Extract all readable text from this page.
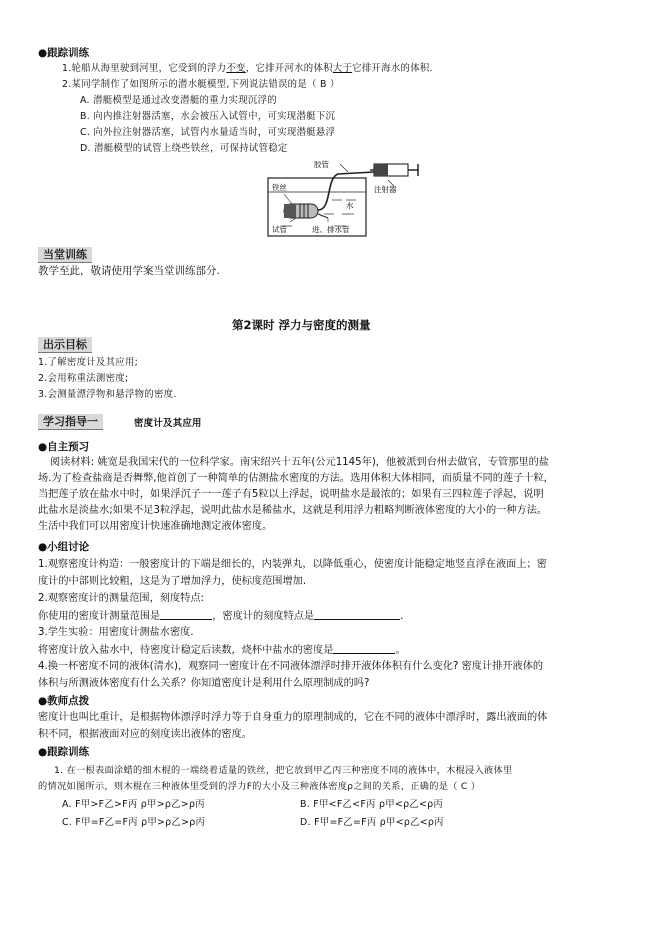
●跟踪训练
1.轮船从海里驶到河里，它受到的浮力不变，它排开河水的体积大于它排开海水的体积.
2.某同学制作了如图所示的潜水艇模型,下列说法错误的是（ B ）
A. 潜艇模型是通过改变潜艇的重力实现沉浮的
B. 向内推注射器活塞，水会被压入试管中，可实现潜艇下沉
C. 向外拉注射器活塞，试管内水量适当时，可实现潜艇悬浮
D. 潜艇模型的试管上绕些铁丝，可保持试管稳定
胶管
注射器
铁丝
水
试管	进、排水管
当堂训练
教学至此，敬请使用学案当堂训练部分.
第2课时 浮力与密度的测量
出示目标
1.了解密度计及其应用;
2.会用称重法测密度;
3.会测量漂浮物和悬浮物的密度.
学习指导一	密度计及其应用
●自主预习
阅读材料: 姚宽是我国宋代的一位科学家。南宋绍兴十五年(公元1145年)，他被派到台州去做官，专管那里的盐
场.为了检查盐商是否舞弊,他首创了一种简单的估测盐水密度的方法。选用体积大体相同，而质量不同的莲子十粒，
当把莲子放在盐水中时，如果浮沉子一一莲子有5粒以上浮起，说明盐水是最浓的；如果有三四粒莲子浮起，说明
此盐水是淡盐水;如果不足3粒浮起，说明此盐水是稀盐水，这就是利用浮力粗略判断液体密度的大小的一种方法。
生活中我们可以用密度计快速准确地测定液体密度。
●小组讨论
1.观察密度计构造：一般密度计的下端是细长的，内装弹丸，以降低重心，使密度计能稳定地竖直浮在液面上；密
度计的中部则比较粗，这是为了增加浮力，使标度范围增加.
2.观察密度计的测量范围，刻度特点:
你使用的密度计测量范围是	，密度计的刻度特点是	.
3.学生实验：用密度计测盐水密度.
将密度计放入盐水中，待密度计稳定后读数，烧杯中盐水的密度是	。
4.换一杯密度不同的液体(清水)，观察同一密度计在不同液体漂浮时排开液体体积有什么变化? 密度计排开液体的
体积与所测液体密度有什么关系？你知道密度计是利用什么原理制成的吗?
●教师点拨
密度计也叫比重计，是根据物体漂浮时浮力等于自身重力的原理制成的，它在不同的液体中漂浮时，露出液面的体
积不同，根据液面对应的刻度读出液体的密度。
●跟踪训练
1. 在一根表面涂蜡的细木棍的一端绕着适量的铁丝，把它放到甲乙丙三种密度不同的液体中，木棍浸入液体里
的情况如图所示，则木棍在三种液体里受到的浮力F的大小及三种液体密度ρ之间的关系，正确的是（ C ）
A. F甲>F乙>F丙 ρ甲>ρ乙>ρ丙	B. F甲<F乙<F丙 ρ甲<ρ乙<ρ丙
C. F甲=F乙=F丙 ρ甲>ρ乙>ρ丙	D. F甲=F乙=F丙 ρ甲<ρ乙<ρ丙
